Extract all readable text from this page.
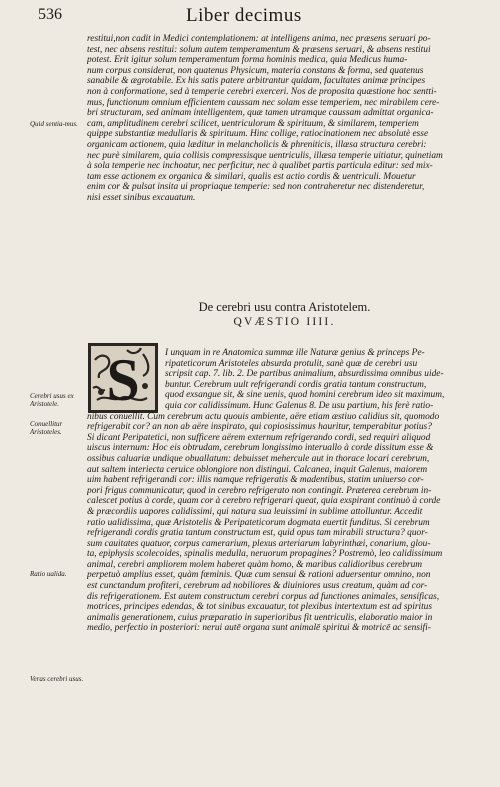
536	Liber decimus
restitui,non cadit in Medici contemplationem: at intelligens anima, nec præsens seruari po-
test, nec absens restitui: solum autem temperamentum & præsens seruari, & absens restitui
potest. Erit igitur solum temperamentum forma hominis medica, quia Medicus huma-
num corpus considerat, non quatenus Physicum, materia constans & forma, sed quatenus
sanabile & ægrotabile. Ex his satis patere arbitrantur quidam, facultates animæ principes
non à conformatione, sed à temperie cerebri exerceri. Nos de proposita quæstione hoc sentti-
mus, functionum omnium efficientem caussam nec solam esse temperiem, nec mirabilem cere-
bri structuram, sed animam intelligentem, quæ tamen utramque caussam admittat organica-
cam, amplitudinem cerebri scilicet, uentriculorum & spirituum, & similarem, temperiem
quippe substantiæ medullaris & spirituum. Hinc collige, ratiocinationem nec absolutè esse
organicam actionem, quia læditur in melancholicis & phreniticis, illæsa structura cerebri:
nec purè similarem, quia collisis compressisque uentriculis, illæsa temperie uitiatur, quinetiam
à sola temperie nec inchoatur, nec perficitur, nec à qualibet partis particula editur: sed mix-
tam esse actionem ex organica & similari, qualis est actio cordis & uentriculi. Mouetur
enim cor & pulsat insita ui propriaque temperie: sed non contraheretur nec distenderetur,
nisi esset sinibus excauatum.
Quid sentia-mus.
De cerebri usu contra Aristotelem.
QVÆSTIO IIII.
S	I unquam in re Anatomica summæ ille Naturæ genius & princeps Pe-
ripateticorum Aristoteles absurda protulit, sanè quæ de cerebri usu
scripsit cap. 7. lib. 2. De partibus animalium, absurdissima omnibus uide-
buntur. Cerebrum uult refrigerandi cordis gratia tantum constructum,
quod exsangue sit, & sine uenis, quod homini cerebrum ideo sit maximum,
quia cor calidissimum. Hunc Galenus 8. De usu partium, his ferè ratio-
nibus conuellit. Cum cerebrum actu quouis ambiente, aëre etiam æstiuo calidius sit, quomodo
refrigerabit cor? an non ab aëre inspirato, qui copiosissimus hauritur, temperabitur potius?
Si dicant Peripatetici, non sufficere aërem externum refrigerando cordi, sed requiri aliquod
uiscus internum: Hoc eis obtrudam, cerebrum longissimo interuallo à corde dissitum esse &
ossibus caluariæ undique obuallatum: debuisset mehercule aut in thorace locari cerebrum,
aut saltem interiecta ceruice oblongiore non distingui. Calcanea, inquit Galenus, maiorem
uim habent refrigerandi cor: illis namque refrigeratis & madentibus, statim uniuerso cor-
pori frigus communicatur, quod in cerebro refrigerato non contingit. Præterea cerebrum in-
calescet potius à corde, quam cor à cerebro refrigerari queat, quia exspirant continuò à corde
& præcordiis uapores calidissimi, qui natura sua leuissimi in sublime attolluntur. Accedit
ratio ualidissima, quæ Aristotelis & Peripateticorum dogmata euertit funditus. Si cerebrum
refrigerandi cordis gratia tantum constructum est, quid opus tam mirabili structura? quor-
sum cauitates quatuor, corpus camerarium, plexus arteriarum labyrinthæi, conarium, glou-
ta, epiphysis scolecoides, spinalis medulla, neruorum propagines? Postremò, leo calidissimum
animal, cerebri ampliorem molem haberet quàm homo, & maribus calidioribus cerebrum
perpetuò amplius esset, quàm fœminis. Quæ cum sensui & rationi aduersentur omnino, non
est cunctandum profiteri, cerebrum ad nobiliores & diuiniores usus creatum, quàm ad cor-
dis refrigerationem. Est autem constructum cerebri corpus ad functiones animales, sensificas,
motrices, principes edendas, & tot sinibus excauatur, tot plexibus intertextum est ad spiritus
animalis generationem, cuius præparatio in superioribus fit uentriculis, elaboratio maior in
medio, perfectio in posteriori: nerui autē organa sunt animalē spiritui & motricē ac sensifi-
Cerebri usus ex Aristotele.
Conuellitur Aristoteles.
Ratio ualida.
Veras cerebri usus.
